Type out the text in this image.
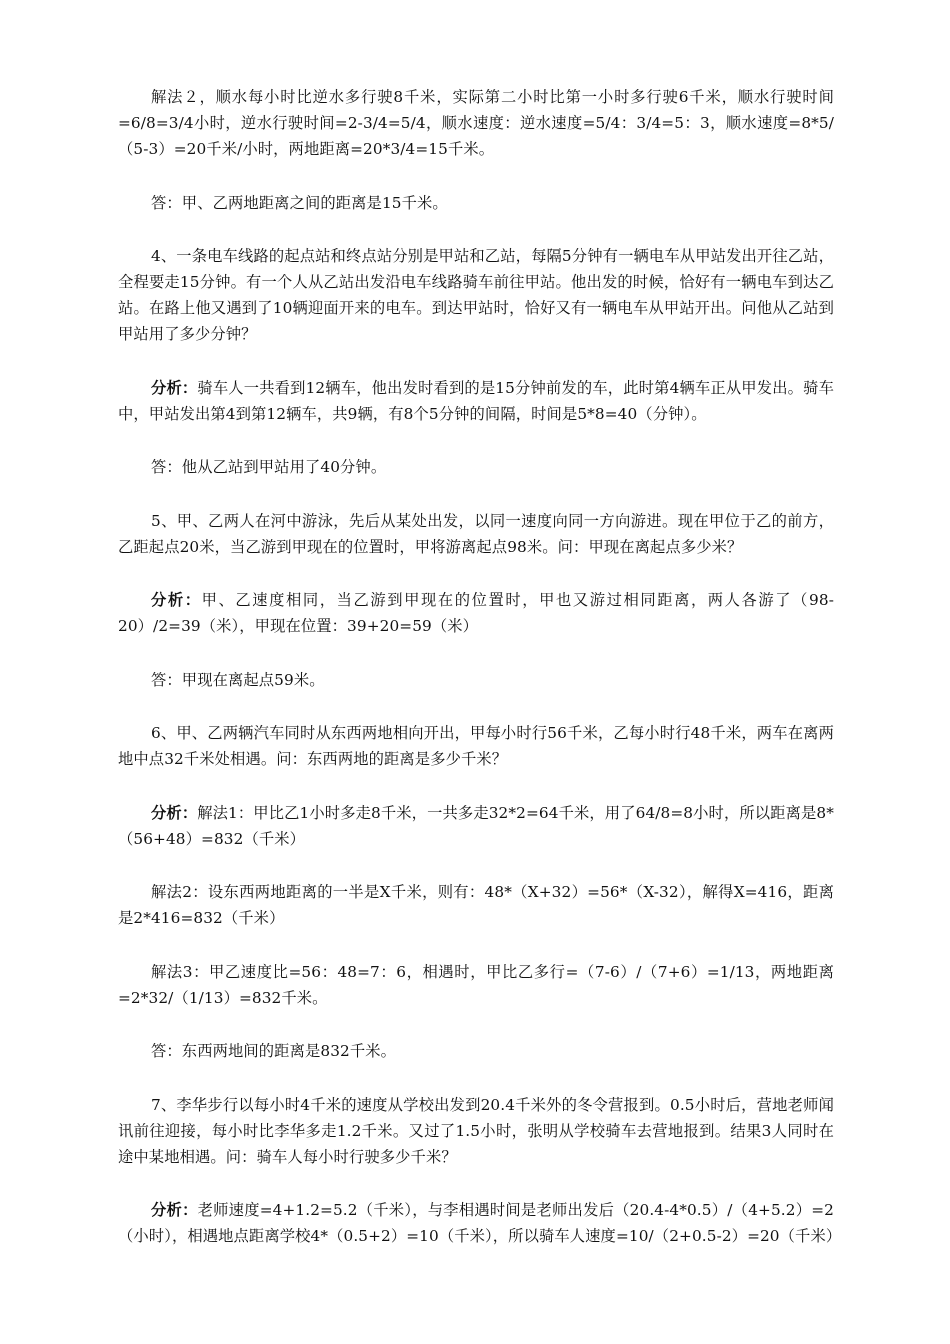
解法２，顺水每小时比逆水多行驶8千米，实际第二小时比第一小时多行驶6千米，顺水行驶时间=6/8=3/4小时，逆水行驶时间=2-3/4=5/4，顺水速度：逆水速度=5/4：3/4=5：3，顺水速度=8*5/（5-3）=20千米/小时，两地距离=20*3/4=15千米。

答：甲、乙两地距离之间的距离是15千米。

4、一条电车线路的起点站和终点站分别是甲站和乙站，每隔5分钟有一辆电车从甲站发出开往乙站，全程要走15分钟。有一个人从乙站出发沿电车线路骑车前往甲站。他出发的时候，恰好有一辆电车到达乙站。在路上他又遇到了10辆迎面开来的电车。到达甲站时，恰好又有一辆电车从甲站开出。问他从乙站到甲站用了多少分钟？

分析：骑车人一共看到12辆车，他出发时看到的是15分钟前发的车，此时第4辆车正从甲发出。骑车中，甲站发出第4到第12辆车，共9辆，有8个5分钟的间隔，时间是5*8=40（分钟）。

答：他从乙站到甲站用了40分钟。

5、甲、乙两人在河中游泳，先后从某处出发，以同一速度向同一方向游进。现在甲位于乙的前方，乙距起点20米，当乙游到甲现在的位置时，甲将游离起点98米。问：甲现在离起点多少米？

分析：甲、乙速度相同，当乙游到甲现在的位置时，甲也又游过相同距离，两人各游了（98-20）/2=39（米），甲现在位置：39+20=59（米）

答：甲现在离起点59米。

6、甲、乙两辆汽车同时从东西两地相向开出，甲每小时行56千米，乙每小时行48千米，两车在离两地中点32千米处相遇。问：东西两地的距离是多少千米？

分析：解法1：甲比乙1小时多走8千米，一共多走32*2=64千米，用了64/8=8小时，所以距离是8*（56+48）=832（千米）

解法2：设东西两地距离的一半是X千米，则有：48*（X+32）=56*（X-32），解得X=416，距离是2*416=832（千米）

解法3：甲乙速度比=56：48=7：6，相遇时，甲比乙多行=（7-6）/（7+6）=1/13，两地距离=2*32/（1/13）=832千米。

答：东西两地间的距离是832千米。

7、李华步行以每小时4千米的速度从学校出发到20.4千米外的冬令营报到。0.5小时后，营地老师闻讯前往迎接，每小时比李华多走1.2千米。又过了1.5小时，张明从学校骑车去营地报到。结果3人同时在途中某地相遇。问：骑车人每小时行驶多少千米？

分析：老师速度=4+1.2=5.2（千米），与李相遇时间是老师出发后（20.4-4*0.5）/（4+5.2）=2（小时），相遇地点距离学校4*（0.5+2）=10（千米），所以骑车人速度=10/（2+0.5-2）=20（千米）
